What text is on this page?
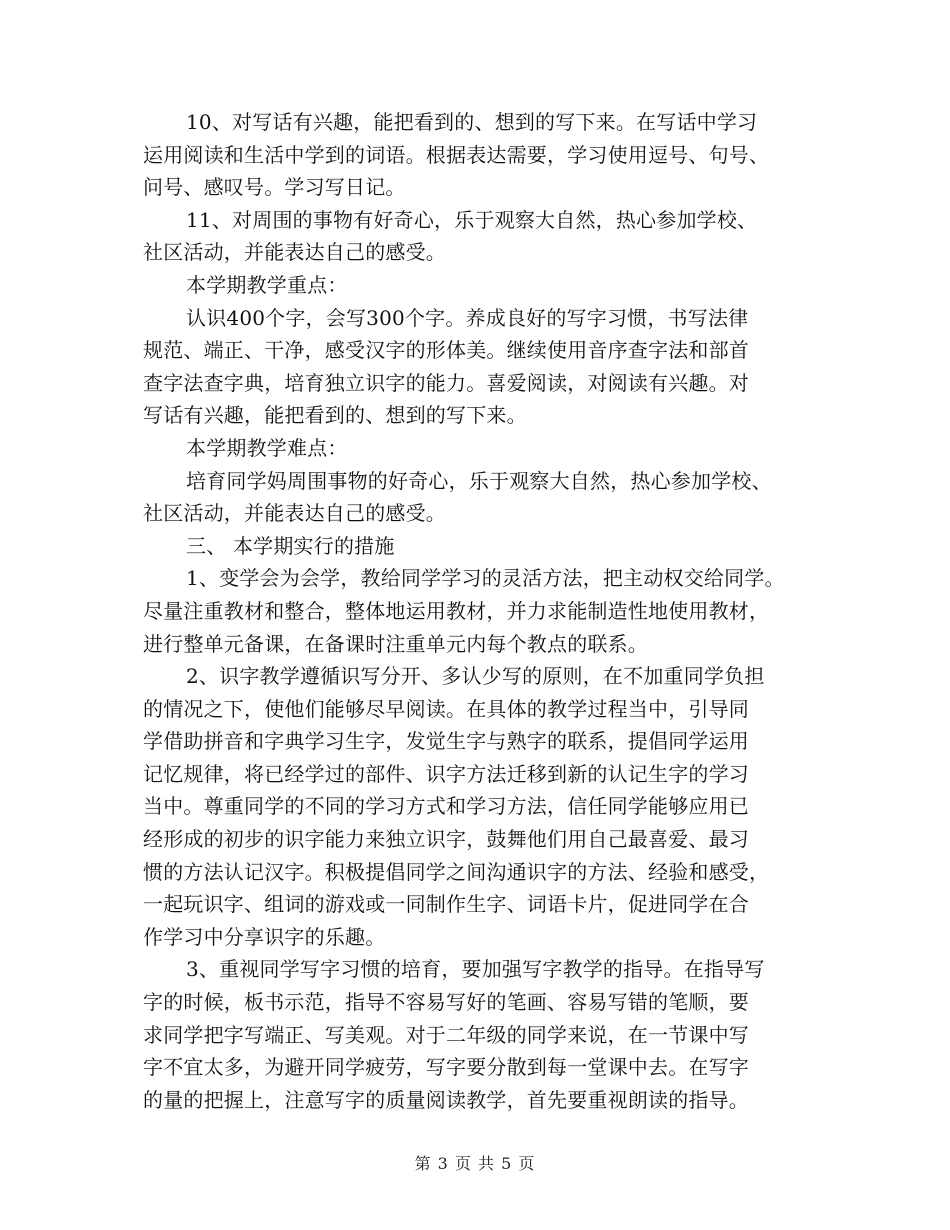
10、对写话有兴趣，能把看到的、想到的写下来。在写话中学习
运用阅读和生活中学到的词语。根据表达需要，学习使用逗号、句号、
问号、感叹号。学习写日记。
11、对周围的事物有好奇心，乐于观察大自然，热心参加学校、
社区活动，并能表达自己的感受。
本学期教学重点：
认识400个字，会写300个字。养成良好的写字习惯，书写法律
规范、端正、干净，感受汉字的形体美。继续使用音序查字法和部首
查字法查字典，培育独立识字的能力。喜爱阅读，对阅读有兴趣。对
写话有兴趣，能把看到的、想到的写下来。
本学期教学难点：
培育同学妈周围事物的好奇心，乐于观察大自然，热心参加学校、
社区活动，并能表达自己的感受。
三、 本学期实行的措施
1、变学会为会学，教给同学学习的灵活方法，把主动权交给同学。
尽量注重教材和整合，整体地运用教材，并力求能制造性地使用教材，
进行整单元备课，在备课时注重单元内每个教点的联系。
2、识字教学遵循识写分开、多认少写的原则，在不加重同学负担
的情况之下，使他们能够尽早阅读。在具体的教学过程当中，引导同
学借助拼音和字典学习生字，发觉生字与熟字的联系，提倡同学运用
记忆规律，将已经学过的部件、识字方法迁移到新的认记生字的学习
当中。尊重同学的不同的学习方式和学习方法，信任同学能够应用已
经形成的初步的识字能力来独立识字，鼓舞他们用自己最喜爱、最习
惯的方法认记汉字。积极提倡同学之间沟通识字的方法、经验和感受，
一起玩识字、组词的游戏或一同制作生字、词语卡片，促进同学在合
作学习中分享识字的乐趣。
3、重视同学写字习惯的培育，要加强写字教学的指导。在指导写
字的时候，板书示范，指导不容易写好的笔画、容易写错的笔顺，要
求同学把字写端正、写美观。对于二年级的同学来说，在一节课中写
字不宜太多，为避开同学疲劳，写字要分散到每一堂课中去。在写字
的量的把握上，注意写字的质量阅读教学，首先要重视朗读的指导。
第 3 页 共 5 页
